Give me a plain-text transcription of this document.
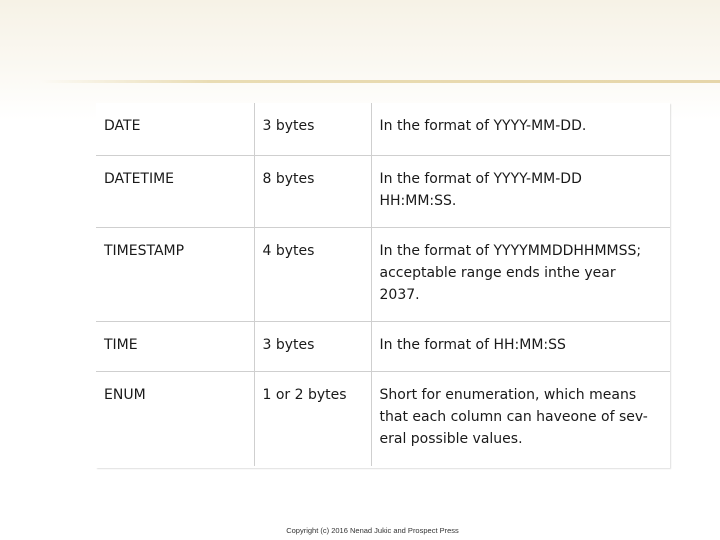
DATE	3 bytes	In the format of YYYY-MM-DD.

DATETIME	8 bytes	In the format of YYYY-MM-DD
HH:MM:SS.

TIMESTAMP	4 bytes	In the format of YYYYMMDDHHMMSS;
acceptable range ends inthe year
2037.

TIME	3 bytes	In the format of HH:MM:SS

ENUM	1 or 2 bytes	Short for enumeration, which means
that each column can haveone of sev-
eral possible values.
Copyright (c) 2016 Nenad Jukic and Prospect Press
